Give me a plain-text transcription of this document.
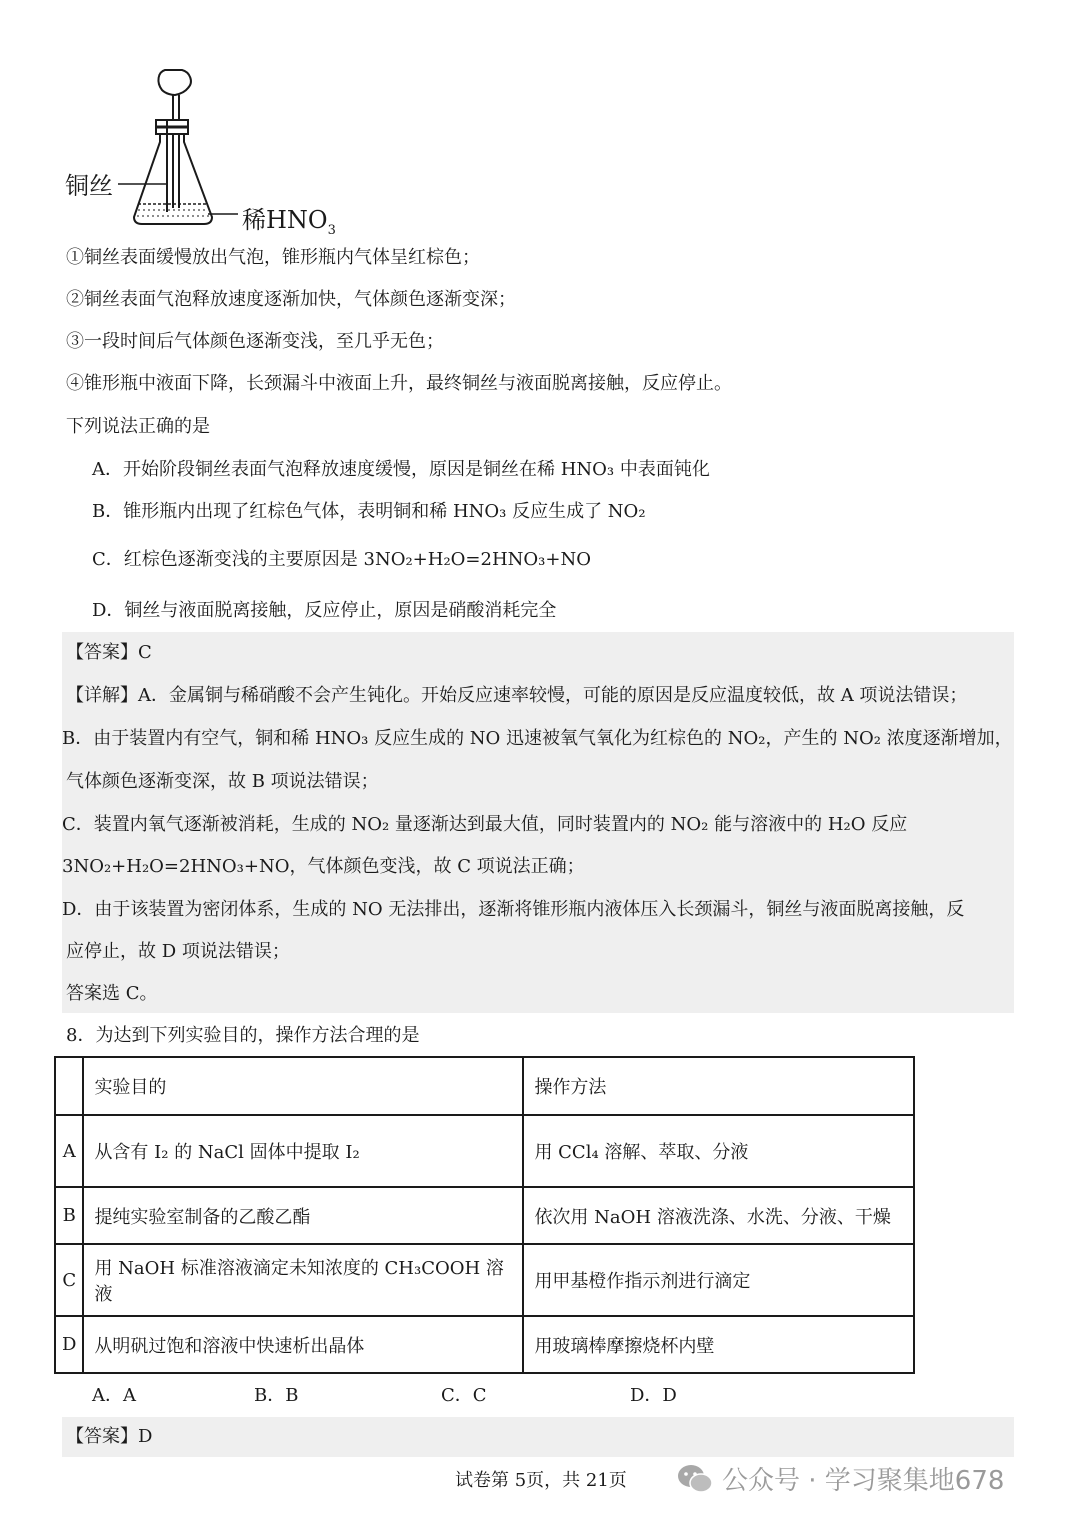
铜丝
稀$HNO_3$
①铜丝表面缓慢放出气泡，锥形瓶内气体呈红棕色；
②铜丝表面气泡释放速度逐渐加快，气体颜色逐渐变深；
③一段时间后气体颜色逐渐变浅，至几乎无色；
④锥形瓶中液面下降，长颈漏斗中液面上升，最终铜丝与液面脱离接触，反应停止。
下列说法正确的是
A．开始阶段铜丝表面气泡释放速度缓慢，原因是铜丝在稀 HNO₃ 中表面钝化
B．锥形瓶内出现了红棕色气体，表明铜和稀 HNO₃ 反应生成了 NO₂
C．红棕色逐渐变浅的主要原因是 3NO₂+H₂O=2HNO₃+NO
D．铜丝与液面脱离接触，反应停止，原因是硝酸消耗完全
【答案】C
【详解】A．金属铜与稀硝酸不会产生钝化。开始反应速率较慢，可能的原因是反应温度较低，故 A 项说法错误；
B．由于装置内有空气，铜和稀 HNO₃ 反应生成的 NO 迅速被氧气氧化为红棕色的 NO₂，产生的 NO₂ 浓度逐渐增加，
气体颜色逐渐变深，故 B 项说法错误；
C．装置内氧气逐渐被消耗，生成的 NO₂ 量逐渐达到最大值，同时装置内的 NO₂ 能与溶液中的 H₂O 反应
3NO₂+H₂O=2HNO₃+NO，气体颜色变浅，故 C 项说法正确；
D．由于该装置为密闭体系，生成的 NO 无法排出，逐渐将锥形瓶内液体压入长颈漏斗，铜丝与液面脱离接触，反
应停止，故 D 项说法错误；
答案选 C。
8．为达到下列实验目的，操作方法合理的是
	实验目的	操作方法
A	从含有 I₂ 的 NaCl 固体中提取 I₂	用 CCl₄ 溶解、萃取、分液
B	提纯实验室制备的乙酸乙酯	依次用 NaOH 溶液洗涤、水洗、分液、干燥
C	用 NaOH 标准溶液滴定未知浓度的 CH₃COOH 溶液	用甲基橙作指示剂进行滴定
D	从明矾过饱和溶液中快速析出晶体	用玻璃棒摩擦烧杯内壁
A．A	B．B	C．C	D．D
【答案】D
试卷第 5页，共 21页	公众号 · 学习聚集地678
